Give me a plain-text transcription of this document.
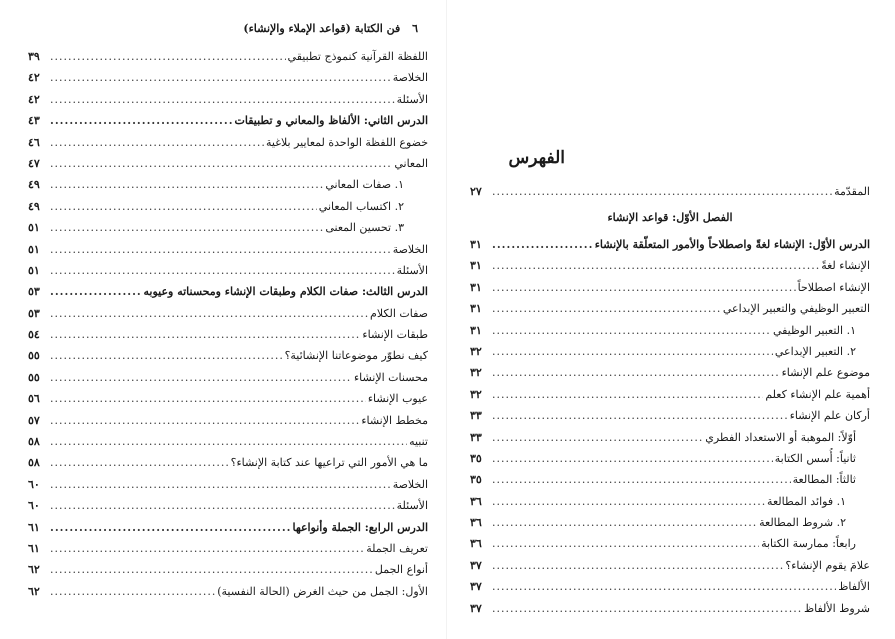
٦ فن الكتابة (قواعد الإملاء والإنشاء)
اللفظة القرآنية كنموذج تطبيقي
.....
٣٩
الخلاصة
.....
٤٢
الأسئلة
.....
٤٢
الدرس الثاني: الألفاظ والمعاني و تطبيقات
.....
٤٣
خضوع اللفظة الواحدة لمعايير بلاغية
.....
٤٦
المعاني
.....
٤٧
١. صفات المعاني
.....
٤٩
٢. اكتساب المعاني
.....
٤٩
٣. تحسين المعنى
.....
٥١
الخلاصة
.....
٥١
الأسئلة
.....
٥١
الدرس الثالث: صفات الكلام وطبقات الإنشاء ومحسناته وعيوبه
.....
٥٣
صفات الكلام
.....
٥٣
طبقات الإنشاء
.....
٥٤
كيف نطوّر موضوعاتنا الإنشائية؟
.....
٥٥
محسنات الإنشاء
.....
٥٥
عيوب الإنشاء
.....
٥٦
مخطط الإنشاء
.....
٥٧
تنبيه
.....
٥٨
ما هي الأمور التي تراعيها عند كتابة الإنشاء؟
.....
٥٨
الخلاصة
.....
٦٠
الأسئلة
.....
٦٠
الدرس الرابع: الجملة وأنواعها
.....
٦١
تعريف الجملة
.....
٦١
أنواع الجمل
.....
٦٢
الأول: الجمل من حيث الغرض (الحالة النفسية)
.....
٦٢
الفهرس
المقدّمة
.....
٢٧
الفصل الأوّل: قواعد الإنشاء
الدرس الأوّل: الإنشاء لغةً واصطلاحاً والأمور المتعلّقة بالإنشاء
.....
٣١
الإنشاء لغةً
.....
٣١
الإنشاء اصطلاحاً
.....
٣١
التعبير الوظيفي والتعبير الإبداعي
.....
٣١
١. التعبير الوظيفي
.....
٣١
٢. التعبير الإبداعي
.....
٣٢
موضوع علم الإنشاء
.....
٣٢
أهمية علم الإنشاء كعلم
.....
٣٢
أركان علم الإنشاء
.....
٣٣
أوّلاً: الموهبة أو الاستعداد الفطري
.....
٣٣
ثانياً: أُسس الكتابة
.....
٣٥
ثالثاً: المطالعة
.....
٣٥
١. فوائد المطالعة
.....
٣٦
٢. شروط المطالعة
.....
٣٦
رابعاً: ممارسة الكتابة
.....
٣٦
علامَ يقوم الإنشاء؟
.....
٣٧
الألفاظ
.....
٣٧
شروط الألفاظ
.....
٣٧
